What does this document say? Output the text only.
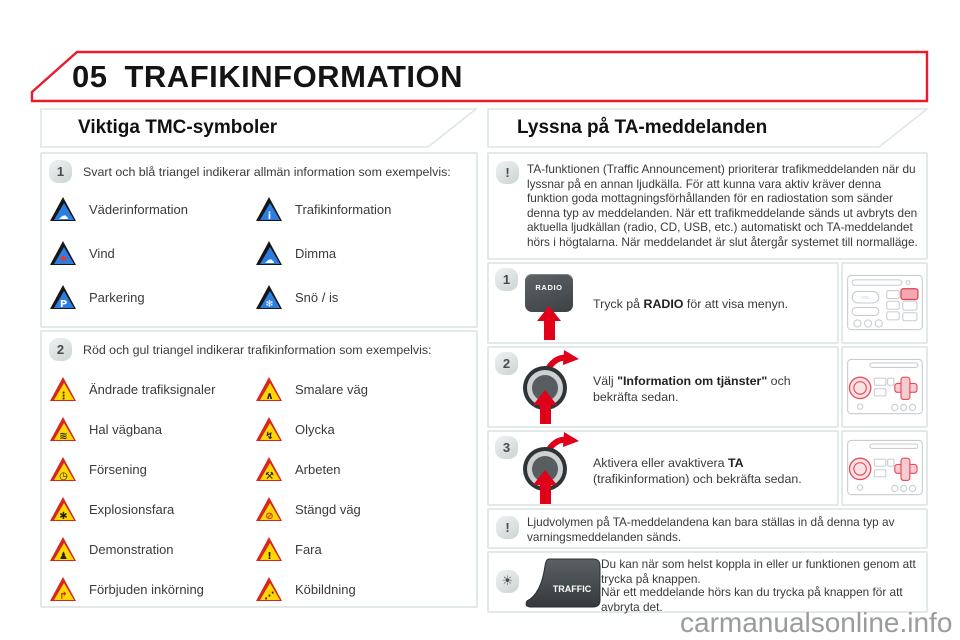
05 TRAFIKINFORMATION
Viktiga TMC-symboler	Lyssna på TA-meddelanden
1	Svart och blå triangel indikerar allmän information som exempelvis:
☁	Väderinformation	i	Trafikinformation
⚑	Vind	☁	Dimma
P	Parkering	❄	Snö / is
2	Röd och gul triangel indikerar trafikinformation som exempelvis:
⋮	Ändrade trafiksignaler	∧	Smalare väg
≋	Hal vägbana	↯	Olycka
◷	Försening	⚒	Arbeten
✱	Explosionsfara	⊘	Stängd väg
♟	Demonstration	!	Fara
↱	Förbjuden inkörning	⋰	Köbildning
!	TA-funktionen (Traffic Announcement) prioriterar trafikmeddelanden när du lyssnar på en annan ljudkälla. För att kunna vara aktiv kräver denna funktion goda mottagningsförhållanden för en radiostation som sänder denna typ av meddelanden. När ett trafikmeddelande sänds ut avbryts den aktuella ljudkällan (radio, CD, USB, etc.) automatiskt och TA-meddelandet hörs i högtalarna. När meddelandet är slut återgår systemet till normalläge.
1
RADIO
Tryck på RADIO för att visa menyn.	VOL
2
Välj "Information om tjänster" och bekräfta sedan.
3
Aktivera eller avaktivera TA (trafikinformation) och bekräfta sedan.
!	Ljudvolymen på TA-meddelandena kan bara ställas in då denna typ av varningsmeddelanden sänds.
☀	TRAFFIC
Du kan när som helst koppla in eller ur funktionen genom att trycka på knappen.
När ett meddelande hörs kan du trycka på knappen för att avbryta det.
carmanualsonline.info
